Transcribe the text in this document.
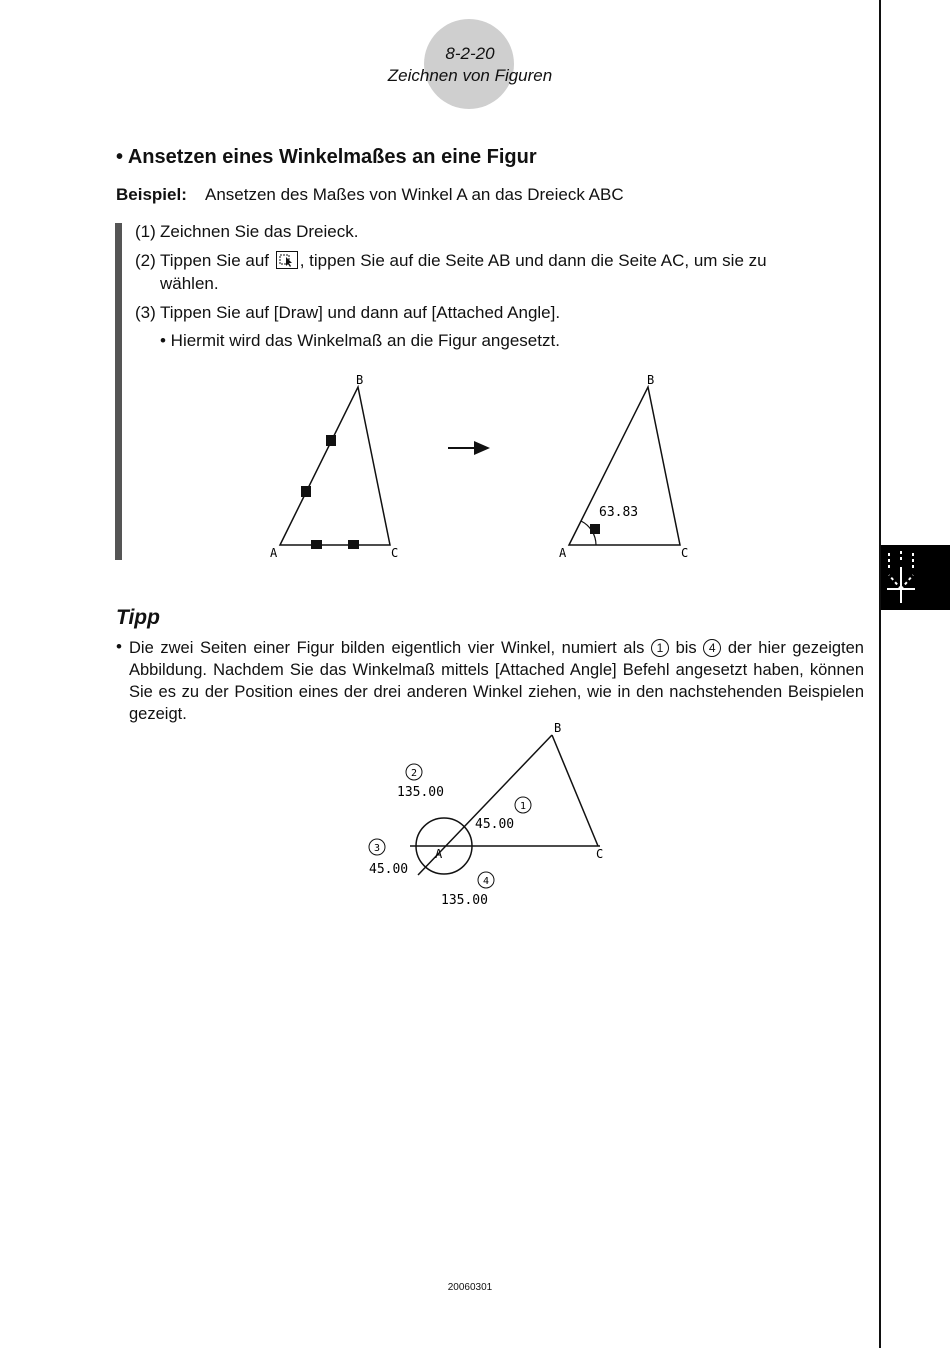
8-2-20
Zeichnen von Figuren
• Ansetzen eines Winkelmaßes an eine Figur
Beispiel: Ansetzen des Maßes von Winkel A an das Dreieck ABC
(1) Zeichnen Sie das Dreieck.
(2) Tippen Sie auf , tippen Sie auf die Seite AB und dann die Seite AC, um sie zu wählen.
(3) Tippen Sie auf [Draw] und dann auf [Attached Angle].
• Hiermit wird das Winkelmaß an die Figur angesetzt.
A
B
C
63.83
A
B
C
Tipp
• Die zwei Seiten einer Figur bilden eigentlich vier Winkel, numiert als 1 bis 4 der hier gezeigten Abbildung. Nachdem Sie das Winkelmaß mittels [Attached Angle] Befehl angesetzt haben, können Sie es zu der Position eines der drei anderen Winkel ziehen, wie in den nachstehenden Beispielen gezeigt.
A
B
C
1
45.00
2
135.00
3
45.00
4
135.00
20060301
